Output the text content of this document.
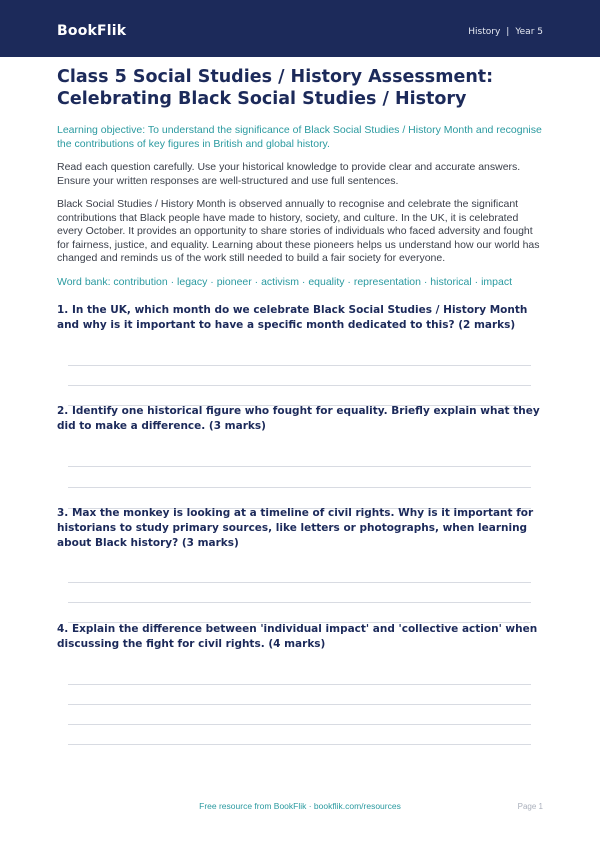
BookFlik	History | Year 5
Class 5 Social Studies / History Assessment: Celebrating Black Social Studies / History
Learning objective: To understand the significance of Black Social Studies / History Month and recognise the contributions of key figures in British and global history.
Read each question carefully. Use your historical knowledge to provide clear and accurate answers. Ensure your written responses are well-structured and use full sentences.
Black Social Studies / History Month is observed annually to recognise and celebrate the significant contributions that Black people have made to history, society, and culture. In the UK, it is celebrated every October. It provides an opportunity to share stories of individuals who faced adversity and fought for fairness, justice, and equality. Learning about these pioneers helps us understand how our world has changed and reminds us of the work still needed to build a fair society for everyone.
Word bank: contribution · legacy · pioneer · activism · equality · representation · historical · impact
1. In the UK, which month do we celebrate Black Social Studies / History Month and why is it important to have a specific month dedicated to this? (2 marks)
2. Identify one historical figure who fought for equality. Briefly explain what they did to make a difference. (3 marks)
3. Max the monkey is looking at a timeline of civil rights. Why is it important for historians to study primary sources, like letters or photographs, when learning about Black history? (3 marks)
4. Explain the difference between 'individual impact' and 'collective action' when discussing the fight for civil rights. (4 marks)
Free resource from BookFlik · bookflik.com/resources	Page 1
